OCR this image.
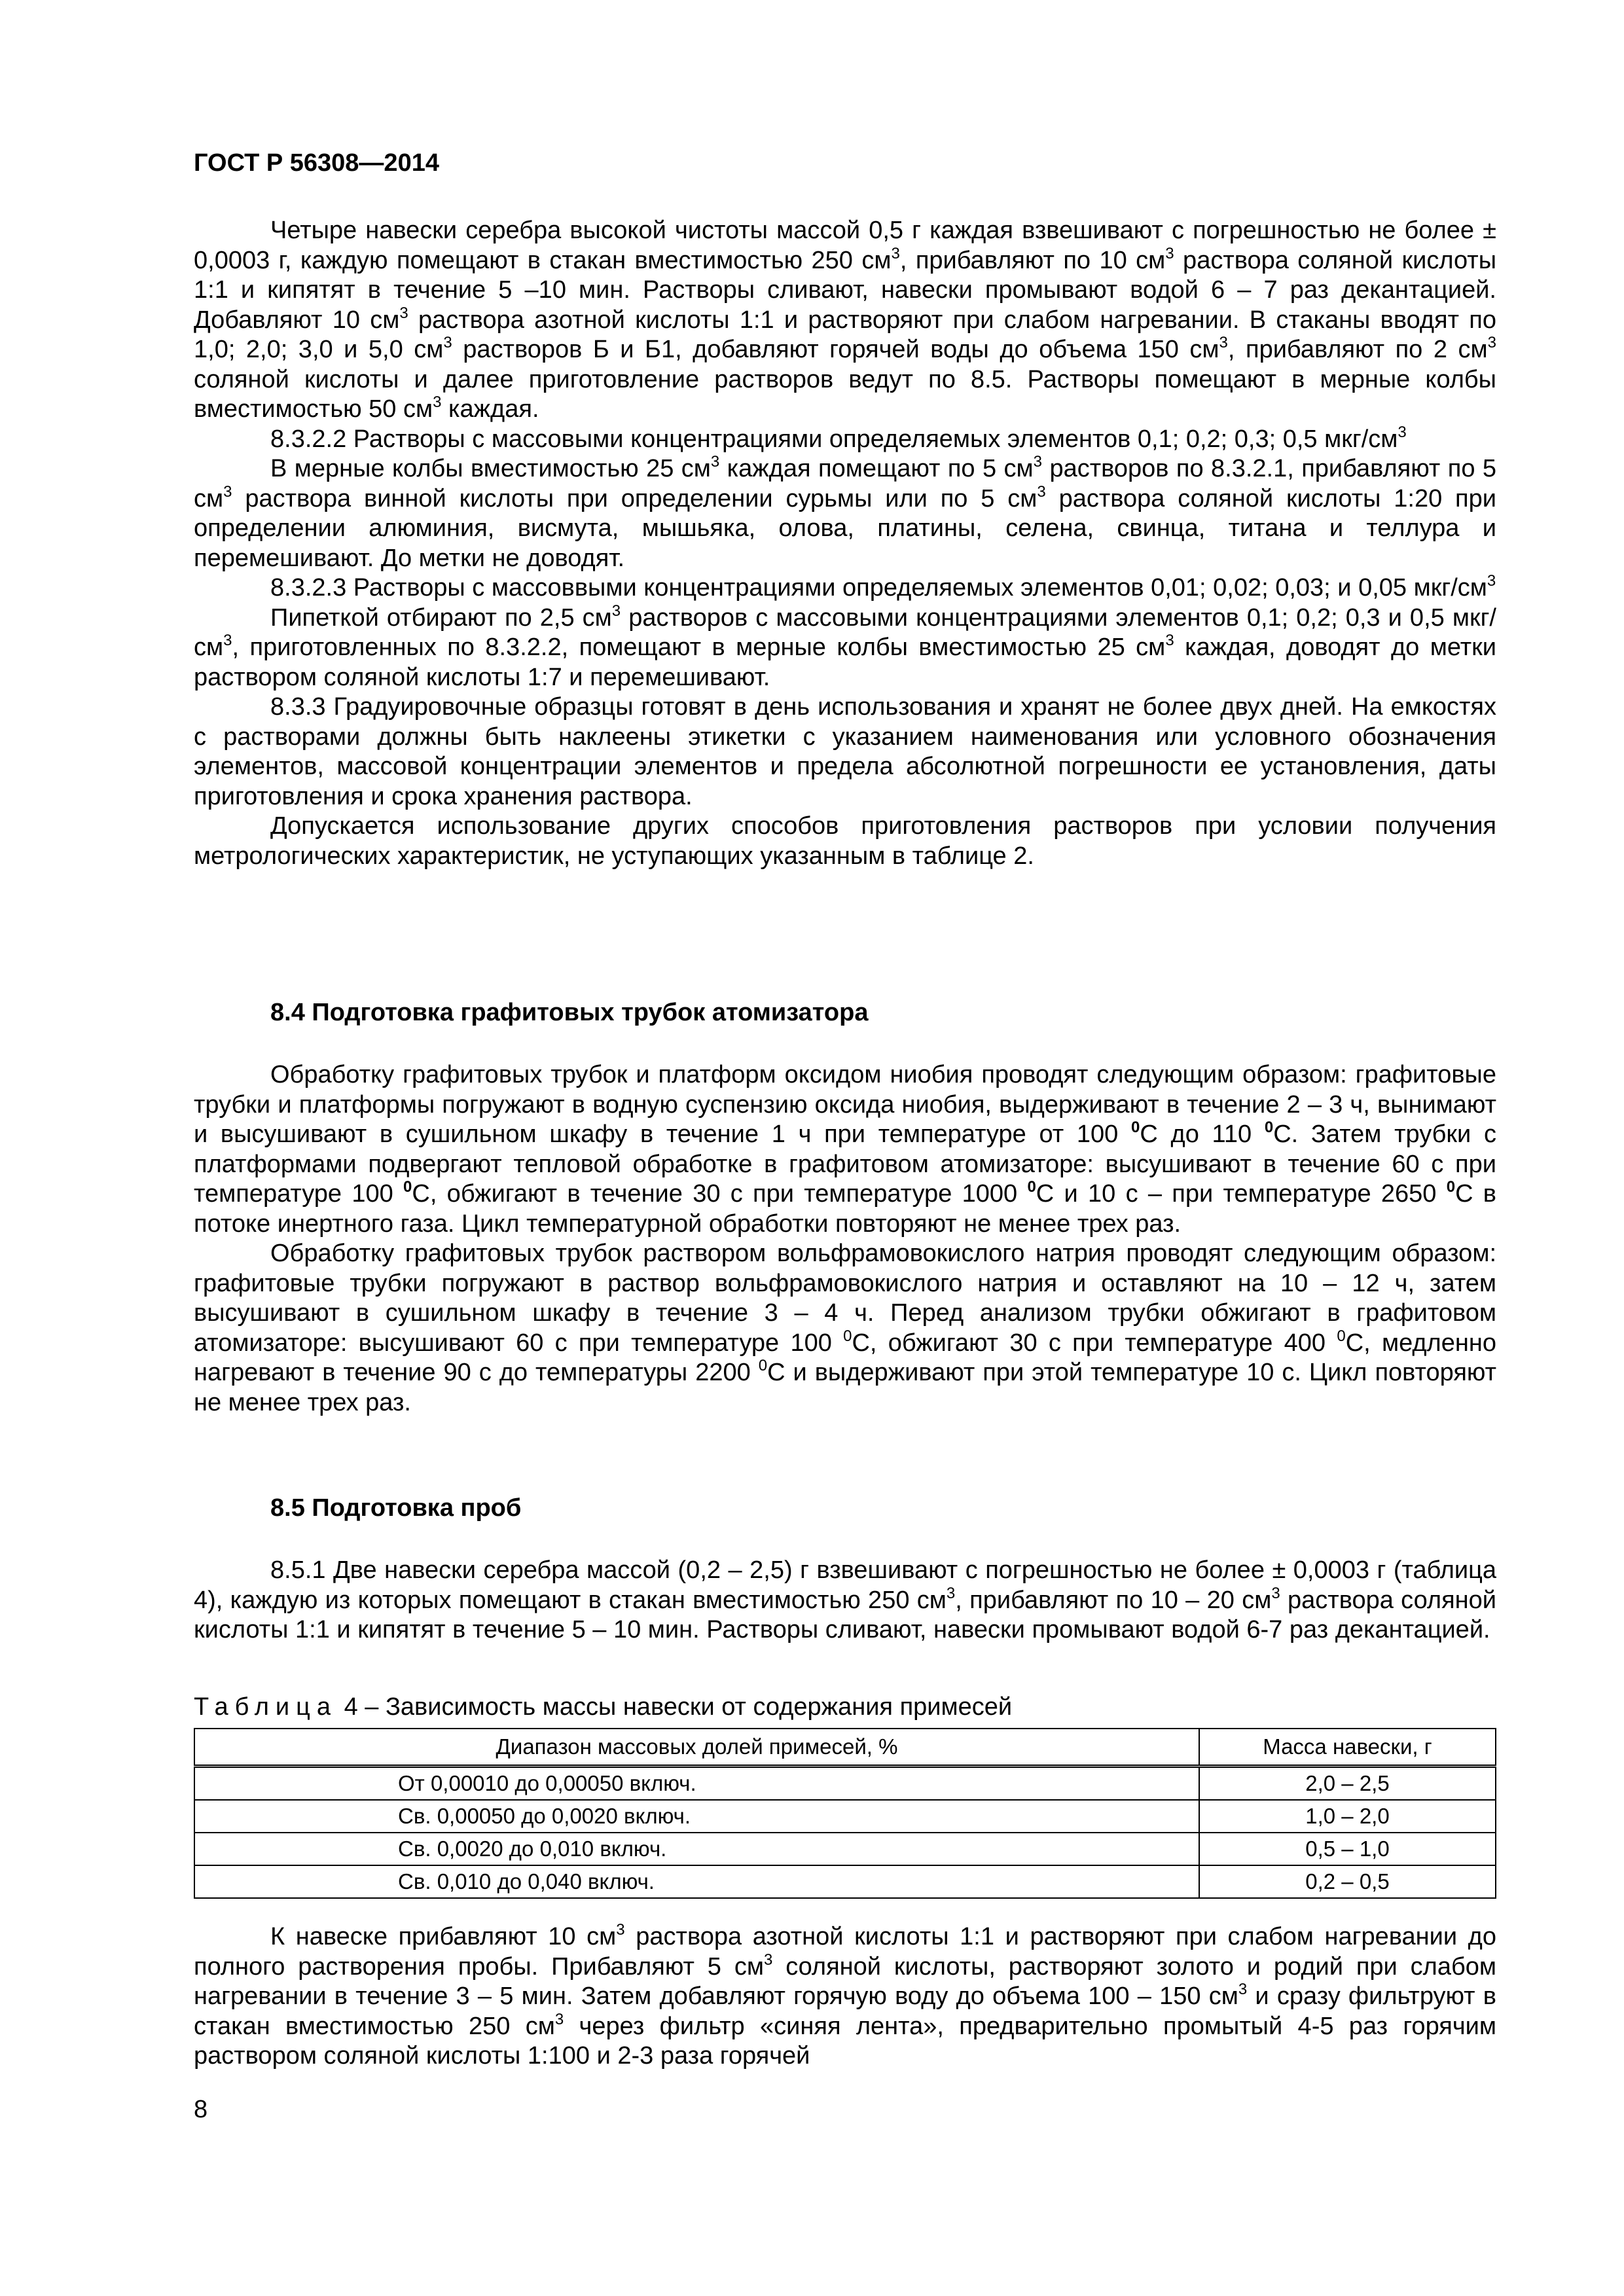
ГОСТ Р 56308—2014

Четыре навески серебра высокой чистоты массой 0,5 г каждая взвешивают с погрешностью не более ± 0,0003 г, каждую помещают в стакан вместимостью 250 $см^3$, прибавляют по 10 $см^3$ раствора соляной кислоты 1:1 и кипятят в течение 5 –10 мин. Растворы сливают, навески промывают водой 6 – 7 раз декантацией. Добавляют 10 $см^3$ раствора азотной кислоты 1:1 и растворяют при слабом нагревании. В стаканы вводят по 1,0; 2,0; 3,0 и 5,0 $см^3$ растворов Б и Б1, добавляют горячей воды до объема 150 $см^3$, прибавляют по 2 $см^3$ соляной кислоты и далее приготовление растворов ведут по 8.5. Растворы помещают в мерные колбы вместимостью 50 $см^3$ каждая.

8.3.2.2 Растворы с массовыми концентрациями определяемых элементов 0,1; 0,2; 0,3; 0,5 мкг/$см^3$

В мерные колбы вместимостью 25 $см^3$ каждая помещают по 5 $см^3$ растворов по 8.3.2.1, прибавляют по 5 $см^3$ раствора винной кислоты при определении сурьмы или по 5 $см^3$ раствора соляной кислоты 1:20 при определении алюминия, висмута, мышьяка, олова, платины, селена, свинца, титана и теллура и перемешивают. До метки не доводят.

8.3.2.3 Растворы с массоввыми концентрациями определяемых элементов 0,01; 0,02; 0,03; и 0,05 мкг/$см^3$

Пипеткой отбирают по 2,5 $см^3$ растворов с массовыми концентрациями элементов 0,1; 0,2; 0,3 и 0,5 мкг/$см^3$, приготовленных по 8.3.2.2, помещают в мерные колбы вместимостью 25 $см^3$ каждая, доводят до метки раствором соляной кислоты 1:7 и перемешивают.

8.3.3 Градуировочные образцы готовят в день использования и хранят не более двух дней. На емкостях с растворами должны быть наклеены этикетки с указанием наименования или условного обозначения элементов, массовой концентрации элементов и предела абсолютной погрешности ее установления, даты приготовления и срока хранения раствора.

Допускается использование других способов приготовления растворов при условии получения метрологических характеристик, не уступающих указанным в таблице 2.

8.4 Подготовка графитовых трубок атомизатора

Обработку графитовых трубок и платформ оксидом ниобия проводят следующим образом: графитовые трубки и платформы погружают в водную суспензию оксида ниобия, выдерживают в течение 2 – 3 ч, вынимают и высушивают в сушильном шкафу в течение 1 ч при температуре от 100 $^0$С до 110 $^0$С. Затем трубки с платформами подвергают тепловой обработке в графитовом атомизаторе: высушивают в течение 60 с при температуре 100 $^0$С, обжигают в течение 30 с при температуре 1000 $^0$С и 10 с – при температуре 2650 $^0$С в потоке инертного газа. Цикл температурной обработки повторяют не менее трех раз.

Обработку графитовых трубок раствором вольфрамовокислого натрия проводят следующим образом: графитовые трубки погружают в раствор вольфрамовокислого натрия и оставляют на 10 – 12 ч, затем высушивают в сушильном шкафу в течение 3 – 4 ч. Перед анализом трубки обжигают в графитовом атомизаторе: высушивают 60 с при температуре 100 $^0$С, обжигают 30 с при температуре 400 $^0$С, медленно нагревают в течение 90 с до температуры 2200 $^0$С и выдерживают при этой температуре 10 с. Цикл повторяют не менее трех раз.

8.5 Подготовка проб

8.5.1 Две навески серебра массой (0,2 – 2,5) г взвешивают с погрешностью не более ± 0,0003 г (таблица 4), каждую из которых помещают в стакан вместимостью 250 $см^3$, прибавляют по 10 – 20 $см^3$ раствора соляной кислоты 1:1 и кипятят в течение 5 – 10 мин. Растворы сливают, навески промывают водой 6-7 раз декантацией.

Таблица 4 – Зависимость массы навески от содержания примесей
Диапазон массовых долей примесей, %	Масса навески, г
От 0,00010 до 0,00050 включ.	2,0 – 2,5
Св. 0,00050 до 0,0020 включ.	1,0 – 2,0
Св. 0,0020 до 0,010 включ.	0,5 – 1,0
Св. 0,010 до 0,040 включ.	0,2 – 0,5

К навеске прибавляют 10 $см^3$ раствора азотной кислоты 1:1 и растворяют при слабом нагревании до полного растворения пробы. Прибавляют 5 $см^3$ соляной кислоты, растворяют золото и родий при слабом нагревании в течение 3 – 5 мин. Затем добавляют горячую воду до объема 100 – 150 $см^3$ и сразу фильтруют в стакан вместимостью 250 $см^3$ через фильтр «синяя лента», предварительно промытый 4-5 раз горячим раствором соляной кислоты 1:100 и 2-3 раза горячей

8
